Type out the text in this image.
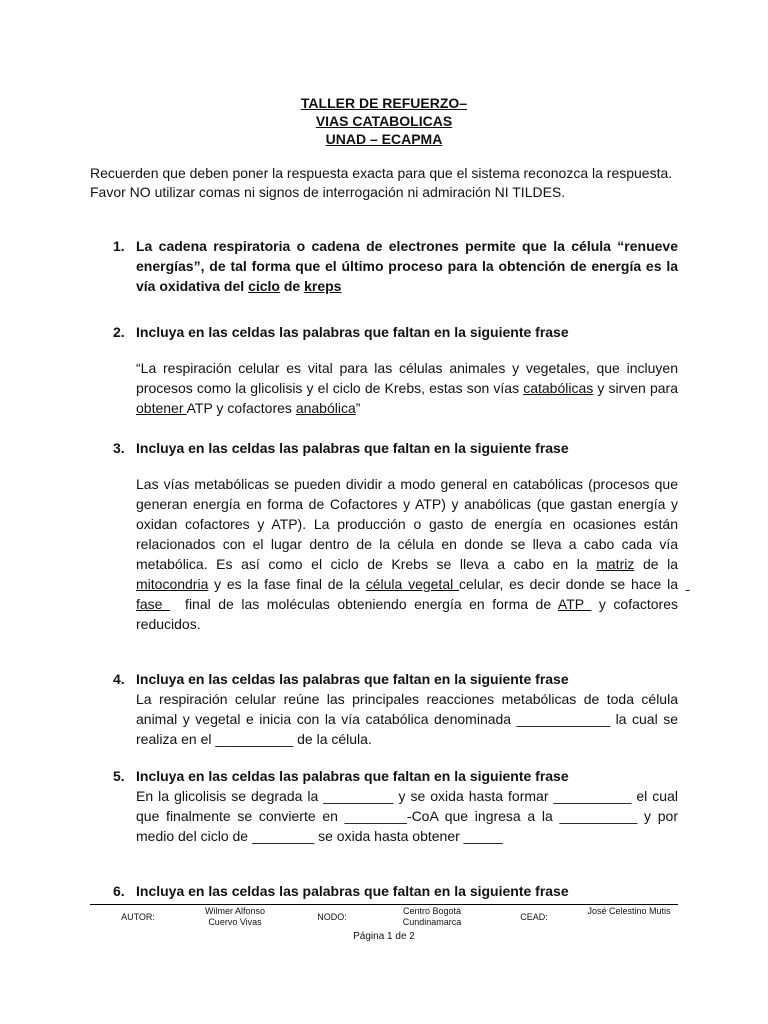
TALLER DE REFUERZO–
VIAS CATABOLICAS
UNAD – ECAPMA
Recuerden que deben poner la respuesta exacta para que el sistema reconozca la respuesta. Favor NO utilizar comas ni signos de interrogación ni admiración NI TILDES.
1. La cadena respiratoria o cadena de electrones permite que la célula “renueve energías”, de tal forma que el último proceso para la obtención de energía es la vía oxidativa del ciclo de kreps
2. Incluya en las celdas las palabras que faltan en la siguiente frase
“La respiración celular es vital para las células animales y vegetales, que incluyen procesos como la glicolisis y el ciclo de Krebs, estas son vías catabólicas y sirven para obtener ATP y cofactores anabólica”
3. Incluya en las celdas las palabras que faltan en la siguiente frase
Las vías metabólicas se pueden dividir a modo general en catabólicas (procesos que generan energía en forma de Cofactores y ATP) y anabólicas (que gastan energía y oxidan cofactores y ATP). La producción o gasto de energía en ocasiones están relacionados con el lugar dentro de la célula en donde se lleva a cabo cada vía metabólica. Es así como el ciclo de Krebs se lleva a cabo en la matriz de la mitocondria y es la fase final de la célula vegetal celular, es decir donde se hace la   fase   final de las moléculas obteniendo energía en forma de ATP  y cofactores reducidos.
4. Incluya en las celdas las palabras que faltan en la siguiente frase
La respiración celular reúne las principales reacciones metabólicas de toda célula animal y vegetal e inicia con la vía catabólica denominada ____________ la cual se realiza en el __________ de la célula.
5. Incluya en las celdas las palabras que faltan en la siguiente frase
En la glicolisis se degrada la _________ y se oxida hasta formar __________ el cual que finalmente se convierte en ________-CoA que ingresa a la __________ y por medio del ciclo de ________ se oxida hasta obtener _____
6. Incluya en las celdas las palabras que faltan en la siguiente frase
AUTOR:
Wilmer Alfonso Cuervo Vivas	NODO:
Centro Bogotá Cundinamarca	CEAD:
José Celestino Mutis
Página 1 de 2
